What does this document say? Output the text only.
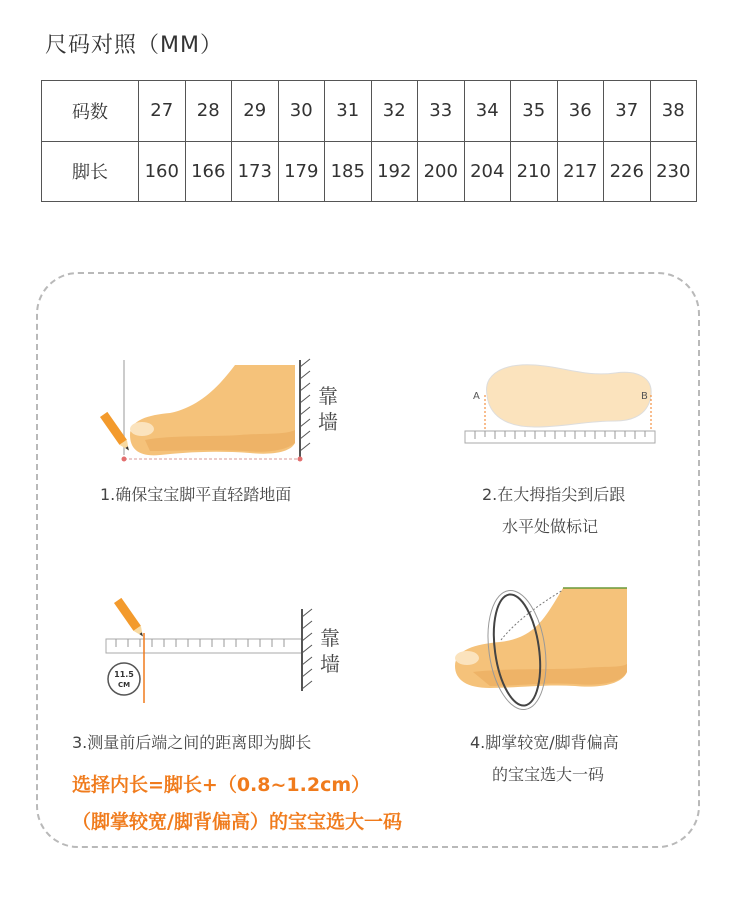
尺码对照（MM）
码数	27	28	29	30	31	32	33	34	35	36	37	38
脚长	160	166	173	179	185	192	200	204	210	217	226	230
靠
墙
1.确保宝宝脚平直轻踏地面
A	B
2.在大拇指尖到后跟
水平处做标记
靠
墙
11.5
CM
3.测量前后端之间的距离即为脚长	4.脚掌较宽/脚背偏高
的宝宝选大一码
选择内长=脚长+（0.8~1.2cm）
（脚掌较宽/脚背偏高）的宝宝选大一码
